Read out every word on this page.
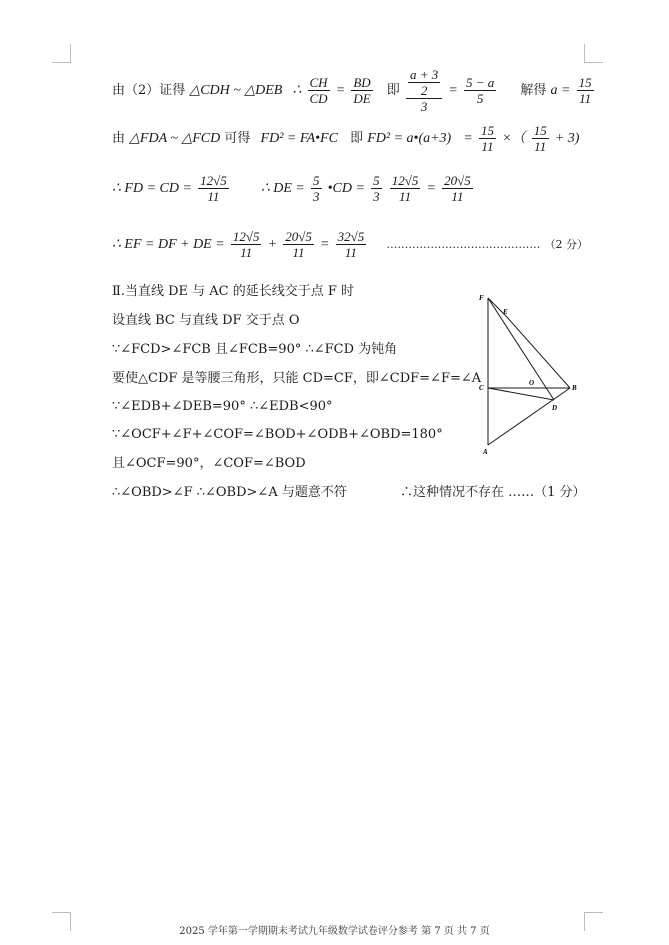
由（2）证得 △CDH ~ △DEB ∴ $\frac{CH}{CD} = \frac{BD}{DE}$ 即 $\frac{\frac{a + 3}{2}}{3} = \frac{5 - a}{5}$ 解得 $a = \frac{15}{11}$
由 △FDA ~ △FCD 可得 FD² = FA•FC 即 FD² = a•(a+3) = $\frac{15}{11}$ ×（ $\frac{15}{11} + 3$)
∴ FD = CD = $\frac{12√5}{11}$ ∴ DE = $\frac{5}{3}$ •CD = $\frac{5}{3}$
$\frac{12√5}{11} = \frac{20√5}{11}$
∴ EF = DF + DE = $\frac{12√5}{11} + \frac{20√5}{11} = \frac{32√5}{11}$ …………………………………… （2 分）
Ⅱ.当直线 DE 与 AC 的延长线交于点 F 时
设直线 BC 与直线 DF 交于点 O
∵∠FCD>∠FCB 且∠FCB=90° ∴∠FCD 为钝角
要使△CDF 是等腰三角形，只能 CD=CF，即∠CDF=∠F=∠A
∵∠EDB+∠DEB=90° ∴∠EDB<90°
∵∠OCF+∠F+∠COF=∠BOD+∠ODB+∠OBD=180°
且∠OCF=90°，∠COF=∠BOD
∴∠OBD>∠F ∴∠OBD>∠A 与题意不符	∴这种情况不存在 ……（1 分）
F
E
C
O
B
D
A
2025 学年第一学期期末考试九年级数学试卷评分参考 第 7 页 共 7 页
